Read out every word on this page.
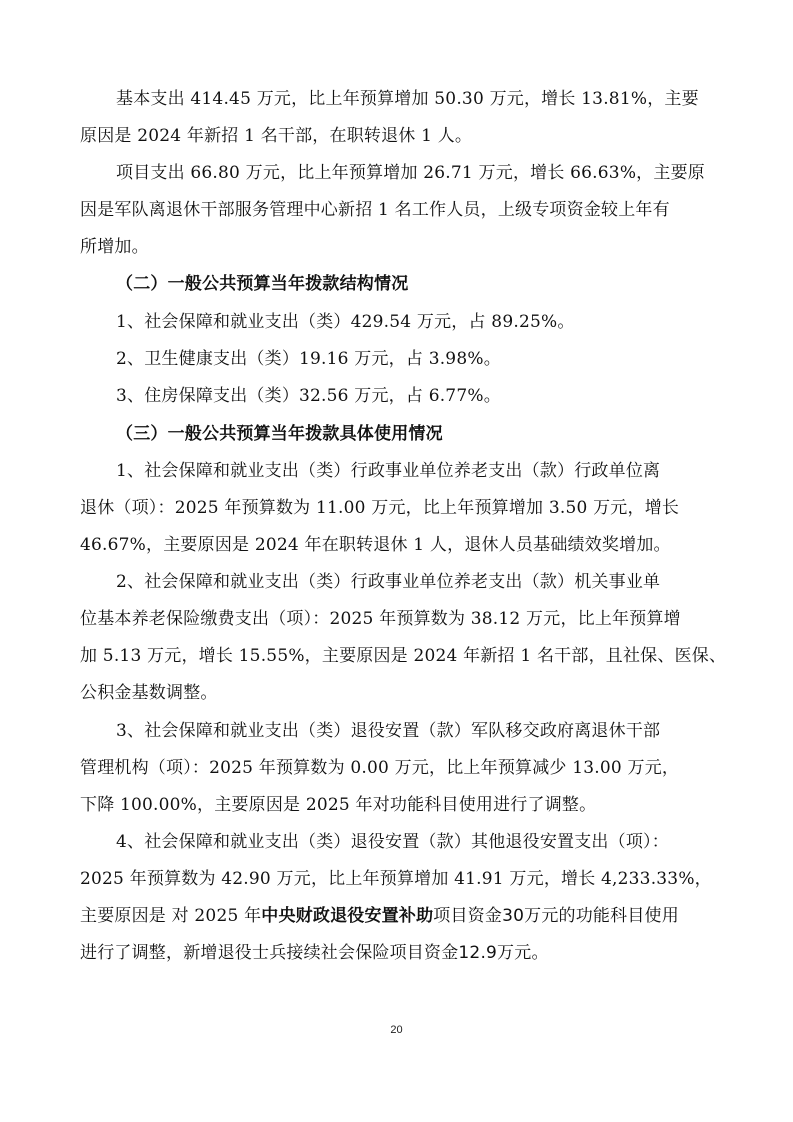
基本支出 414.45 万元，比上年预算增加 50.30 万元，增长 13.81%，主要
原因是 2024 年新招 1 名干部，在职转退休 1 人。
项目支出 66.80 万元，比上年预算增加 26.71 万元，增长 66.63%，主要原
因是军队离退休干部服务管理中心新招 1 名工作人员，上级专项资金较上年有
所增加。
（二）一般公共预算当年拨款结构情况
1、社会保障和就业支出（类）429.54 万元，占 89.25%。
2、卫生健康支出（类）19.16 万元，占 3.98%。
3、住房保障支出（类）32.56 万元，占 6.77%。
（三）一般公共预算当年拨款具体使用情况
1、社会保障和就业支出（类）行政事业单位养老支出（款）行政单位离
退休（项）：2025 年预算数为 11.00 万元，比上年预算增加 3.50 万元，增长
46.67%，主要原因是 2024 年在职转退休 1 人，退休人员基础绩效奖增加。
2、社会保障和就业支出（类）行政事业单位养老支出（款）机关事业单
位基本养老保险缴费支出（项）：2025 年预算数为 38.12 万元，比上年预算增
加 5.13 万元，增长 15.55%，主要原因是 2024 年新招 1 名干部，且社保、医保、
公积金基数调整。
3、社会保障和就业支出（类）退役安置（款）军队移交政府离退休干部
管理机构（项）：2025 年预算数为 0.00 万元，比上年预算减少 13.00 万元，
下降 100.00%，主要原因是 2025 年对功能科目使用进行了调整。
4、社会保障和就业支出（类）退役安置（款）其他退役安置支出（项）：
2025 年预算数为 42.90 万元，比上年预算增加 41.91 万元，增长 4,233.33%，
主要原因是 对 2025 年中央财政退役安置补助项目资金30万元的功能科目使用
进行了调整，新增退役士兵接续社会保险项目资金12.9万元。
20
